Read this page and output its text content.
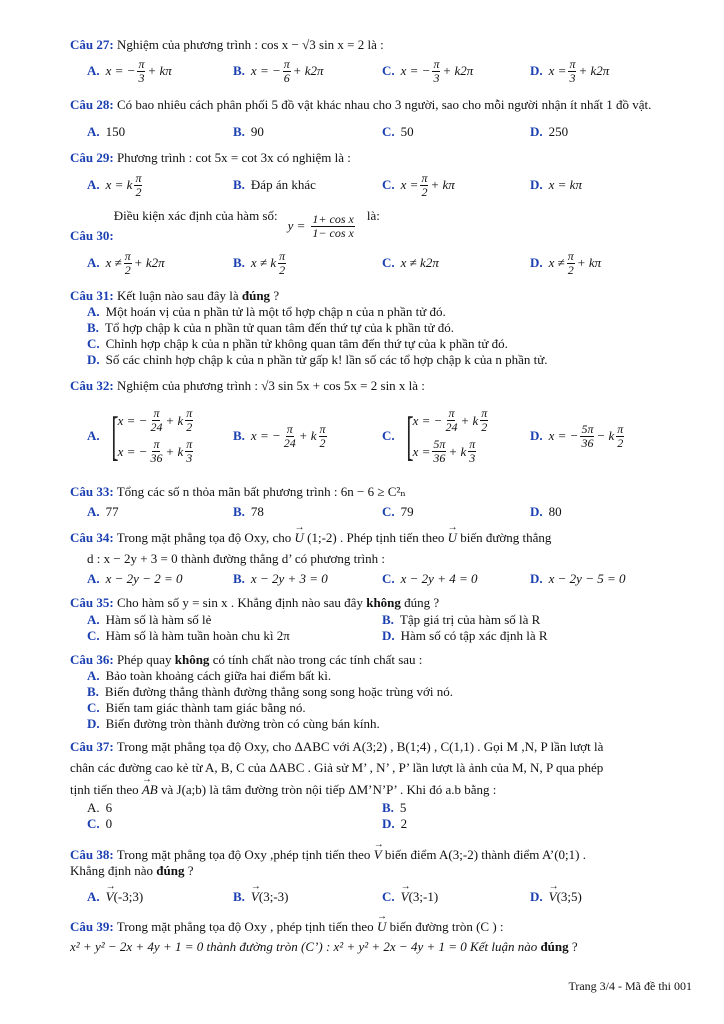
Câu 27: Nghiệm của phương trình : cos x − √3 sin x = 2 là :
A. x = − $\frac{\pi}{3} + k\pi$	B. x = − $\frac{\pi}{6} + k2\pi$	C. x = − $\frac{\pi}{3} + k2\pi$	D. $x = \frac{\pi}{3} + k2\pi$
Câu 28: Có bao nhiêu cách phân phối 5 đồ vật khác nhau cho 3 người, sao cho mỗi người nhận ít nhất 1 đồ vật.
A. 150	B. 90	C. 50	D. 250
Câu 29: Phương trình : cot 5x = cot 3x có nghiệm là :
A. x = k $\frac{\pi}{2}$	B. Đáp án khác	C. $x = \frac{\pi}{2} + k\pi$	D. x = kπ
Câu 30:
Điều kiện xác định của hàm số:
$y = \frac{\text{1+ cos x}}{\text{1− cos x}}$ là:
A. $x \ne \frac{\pi}{2} + k2\pi$	B. x ≠ k $\frac{\pi}{2}$	C. x ≠ k2π	D. $x \ne \frac{\pi}{2} + k\pi$
Câu 31: Kết luận nào sau đây là đúng ?
A. Một hoán vị của n phần tử là một tổ hợp chập n của n phần tử đó.
B. Tổ hợp chập k của n phần tử quan tâm đến thứ tự của k phần tử đó.
C. Chỉnh hợp chập k của n phần tử không quan tâm đến thứ tự của k phần tử đó.
D. Số các chỉnh hợp chập k của n phần tử gấp k! lần số các tổ hợp chập k của n phần tử.
Câu 32: Nghiệm của phương trình : √3 sin 5x + cos 5x = 2 sin x là :
A. [ x = − $\frac{\pi}{24} + k \frac{\pi}{2}$
x = − $\frac{\pi}{36} + k \frac{\pi}{3}$
B. x = − $\frac{\pi}{24} + k \frac{\pi}{2}$	C. [ x = − $\frac{\pi}{24} + k \frac{\pi}{2}$
$x = \frac{5\pi}{36} + k \frac{\pi}{3}$
D. x = − $\frac{5\pi}{36} - k \frac{\pi}{2}$
Câu 33: Tổng các số n thỏa mãn bất phương trình : 6n − 6 ≥ C²ₙ
A. 77	B. 78	C. 79	D. 80
Câu 34: Trong mặt phẳng tọa độ Oxy, cho → U (1;-2) . Phép tịnh tiến theo → U biến đường thẳng
d : x − 2y + 3 = 0 thành đường thẳng d’ có phương trình :
A. x − 2y − 2 = 0	B. x − 2y + 3 = 0	C. x − 2y + 4 = 0	D. x − 2y − 5 = 0
Câu 35: Cho hàm số y = sin x . Khẳng định nào sau đây không đúng ?
A. Hàm số là hàm số lẻ	B. Tập giá trị của hàm số là R
C. Hàm số là hàm tuần hoàn chu kì 2π	D. Hàm số có tập xác định là R
Câu 36: Phép quay không có tính chất nào trong các tính chất sau :
A. Bảo toàn khoảng cách giữa hai điểm bất kì.
B. Biến đường thẳng thành đường thẳng song song hoặc trùng với nó.
C. Biến tam giác thành tam giác bằng nó.
D. Biến đường tròn thành đường tròn có cùng bán kính.
Câu 37: Trong mặt phẳng tọa độ Oxy, cho ΔABC với A(3;2) , B(1;4) , C(1,1) . Gọi M ,N, P lần lượt là
chân các đường cao kẻ từ A, B, C của ΔABC . Giả sử M’ , N’ , P’ lần lượt là ảnh của M, N, P qua phép
tịnh tiến theo → AB và J(a;b) là tâm đường tròn nội tiếp ΔM’N’P’ . Khi đó a.b bằng :
A. 6	B. 5
C. 0	D. 2
Câu 38: Trong mặt phẳng tọa độ Oxy ,phép tịnh tiến theo → V biến điểm A(3;-2) thành điểm A’(0;1) .
Khẳng định nào đúng ?
A. → V (-3;3)	B. → V (3;-3)	C. → V (3;-1)	D. → V (3;5)
Câu 39: Trong mặt phẳng tọa độ Oxy , phép tịnh tiến theo → U biến đường tròn (C ) :
x² + y² − 2x + 4y + 1 = 0 thành đường tròn (C’) : x² + y² + 2x − 4y + 1 = 0 Kết luận nào đúng ?
Trang 3/4 - Mã đề thi 001
